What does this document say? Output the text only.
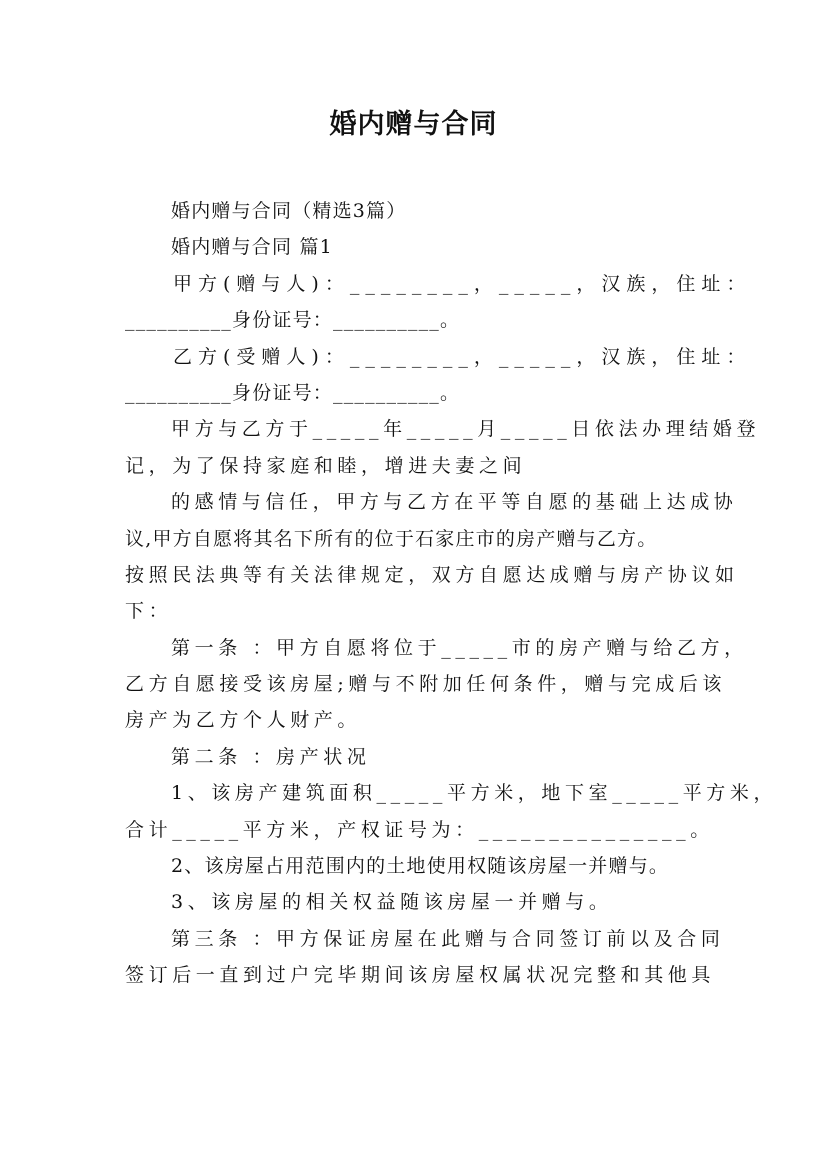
婚内赠与合同
婚内赠与合同（精选3篇）
婚内赠与合同 篇1
甲方(赠与人)：________，_____，汉族，住址：
__________身份证号：__________。
乙方(受赠人)：________，_____，汉族，住址：
__________身份证号：__________。
甲方与乙方于_____年_____月_____日依法办理结婚登
记，为了保持家庭和睦，增进夫妻之间
的感情与信任，甲方与乙方在平等自愿的基础上达成协
议,甲方自愿将其名下所有的位于石家庄市的房产赠与乙方。
按照民法典等有关法律规定，双方自愿达成赠与房产协议如
下：
第一条 ：甲方自愿将位于_____市的房产赠与给乙方，
乙方自愿接受该房屋;赠与不附加任何条件，赠与完成后该
房产为乙方个人财产。
第二条 ：房产状况
1、该房产建筑面积_____平方米，地下室_____平方米，
合计_____平方米，产权证号为：_______________。
2、该房屋占用范围内的土地使用权随该房屋一并赠与。
3、该房屋的相关权益随该房屋一并赠与。
第三条 ：甲方保证房屋在此赠与合同签订前以及合同
签订后一直到过户完毕期间该房屋权属状况完整和其他具
